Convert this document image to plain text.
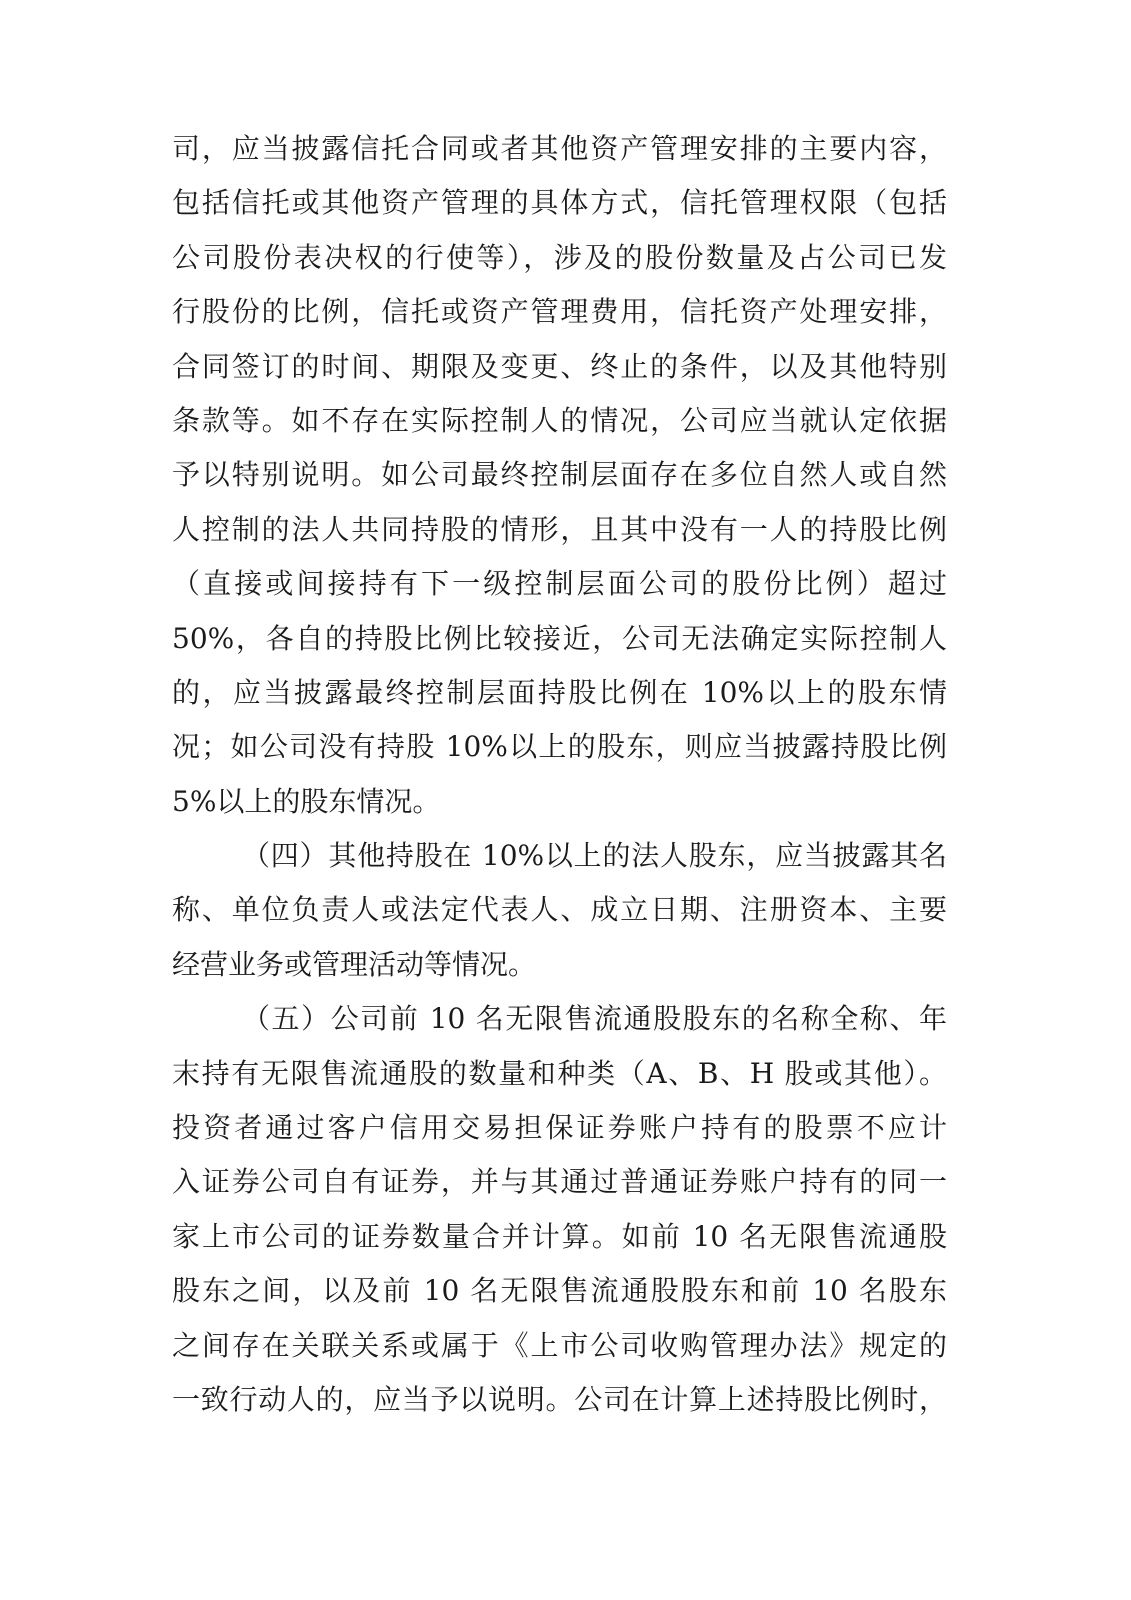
司，应当披露信托合同或者其他资产管理安排的主要内容，
包括信托或其他资产管理的具体方式，信托管理权限（包括
公司股份表决权的行使等），涉及的股份数量及占公司已发
行股份的比例，信托或资产管理费用，信托资产处理安排，
合同签订的时间、期限及变更、终止的条件，以及其他特别
条款等。如不存在实际控制人的情况，公司应当就认定依据
予以特别说明。如公司最终控制层面存在多位自然人或自然
人控制的法人共同持股的情形，且其中没有一人的持股比例
（直接或间接持有下一级控制层面公司的股份比例）超过
50%，各自的持股比例比较接近，公司无法确定实际控制人
的，应当披露最终控制层面持股比例在 10%以上的股东情
况；如公司没有持股 10%以上的股东，则应当披露持股比例
5%以上的股东情况。
（四）其他持股在 10%以上的法人股东，应当披露其名
称、单位负责人或法定代表人、成立日期、注册资本、主要
经营业务或管理活动等情况。
（五）公司前 10 名无限售流通股股东的名称全称、年
末持有无限售流通股的数量和种类（A、B、H 股或其他）。
投资者通过客户信用交易担保证券账户持有的股票不应计
入证券公司自有证券，并与其通过普通证券账户持有的同一
家上市公司的证券数量合并计算。如前 10 名无限售流通股
股东之间，以及前 10 名无限售流通股股东和前 10 名股东
之间存在关联关系或属于《上市公司收购管理办法》规定的
一致行动人的，应当予以说明。公司在计算上述持股比例时，
